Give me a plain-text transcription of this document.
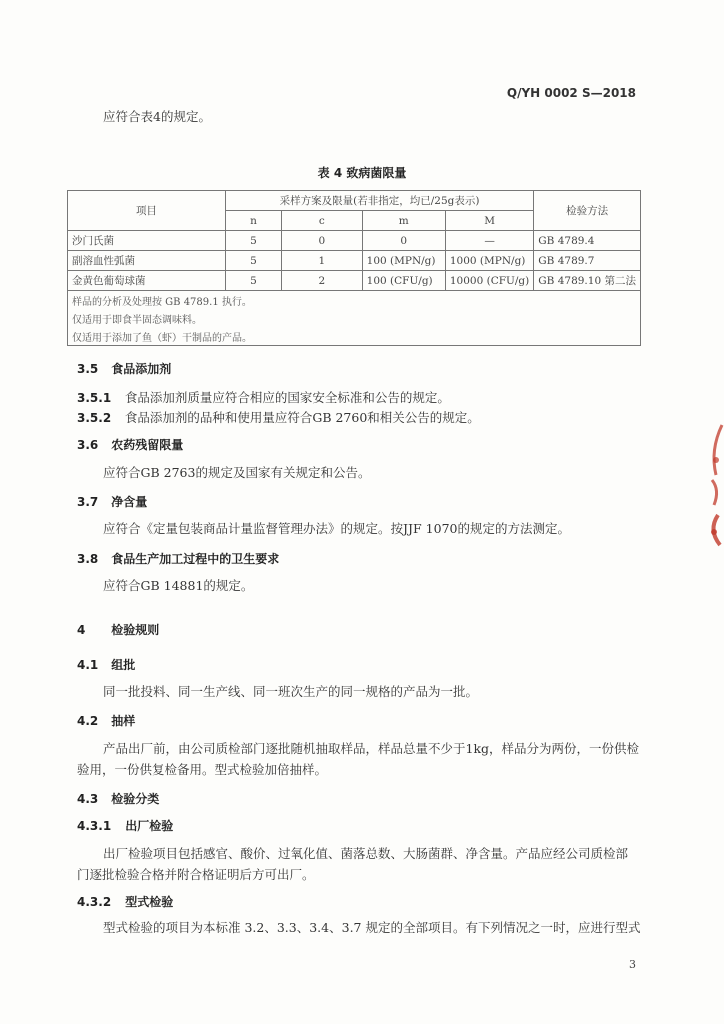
Q/YH 0002 S—2018
应符合表4的规定。
表 4 致病菌限量
项目	采样方案及限量(若非指定，均已/25g表示)				检验方法
	n	c	m	M	
沙门氏菌	5	0	0	—	GB 4789.4
副溶血性弧菌	5	1	100 (MPN/g)	1000 (MPN/g)	GB 4789.7
金黄色葡萄球菌	5	2	100 (CFU/g)	10000 (CFU/g)	GB 4789.10 第二法
样品的分析及处理按 GB 4789.1 执行。					
仅适用于即食半固态调味料。					
仅适用于添加了鱼（虾）干制品的产品。					
3.5 食品添加剂
3.5.1 食品添加剂质量应符合相应的国家安全标准和公告的规定。
3.5.2 食品添加剂的品种和使用量应符合GB 2760和相关公告的规定。
3.6 农药残留限量
应符合GB 2763的规定及国家有关规定和公告。
3.7 净含量
应符合《定量包装商品计量监督管理办法》的规定。按JJF 1070的规定的方法测定。
3.8 食品生产加工过程中的卫生要求
应符合GB 14881的规定。
4 检验规则
4.1 组批
同一批投料、同一生产线、同一班次生产的同一规格的产品为一批。
4.2 抽样
产品出厂前，由公司质检部门逐批随机抽取样品，样品总量不少于1kg，样品分为两份，一份供检
验用，一份供复检备用。型式检验加倍抽样。
4.3 检验分类
4.3.1 出厂检验
出厂检验项目包括感官、酸价、过氧化值、菌落总数、大肠菌群、净含量。产品应经公司质检部
门逐批检验合格并附合格证明后方可出厂。
4.3.2 型式检验
型式检验的项目为本标准 3.2、3.3、3.4、3.7 规定的全部项目。有下列情况之一时，应进行型式
3
